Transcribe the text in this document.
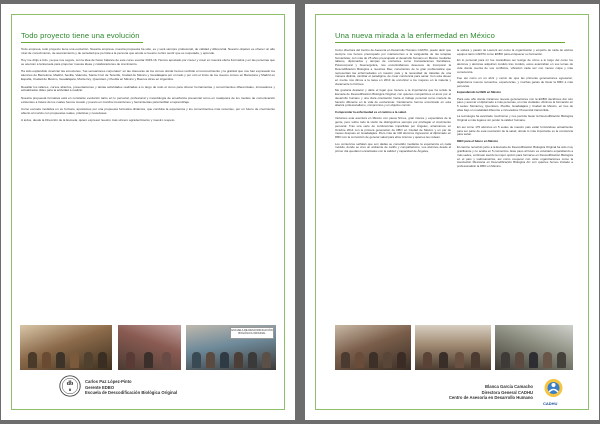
Todo proyecto tiene una evolución

Todo empresa, todo proyecto tiene una evolución. Nuestra empresa, nuestra propuesta ha sido, es y será siempre profesional, de calidad y diferencial. Nuestro objetivo es ofrecer un alto nivel de conocimiento, de acercamiento y de seriedad que permita a la persona que acude a nuestro centro sentir que es respetada, y aprende.

Hoy me dirijo a Uds. ya que nos seguís, con la idea de hacer balance de este curso escolar 2015-16. Hemos apostado por crecer y crear en nuestra oferta Formativa y en las personas que se acercan a la Escuela para proponer nuevas ideas y colaboraciones de crecimiento.

Ha sido espléndido vivenciar las emociones, "las sensaciones corporales" en las clausuras de los cursos donde hemos recibido el reconocimiento y la gratitud que nos han expresado los alumnos de Barcelona, Madrid, Sevilla, Valencia, Santa Cruz de Tenerife, Ciudad de México y Guadalajara por un lado y por otro el inicio de los nuevos cursos en Barcelona y Madrid en España, Ciudad de México, Guadalajara, Monterrey, Querétaro y Puebla en México y Buenos Aires en Argentina.

Resaltar los talleres, cursos abiertos, presentaciones y tantas actividades realizadas a lo largo de todo el curso para ofrecer herramientas y conocimientos diferenciales, innovadores y actualizados útiles para la actividad a realizar.

Nuestra propuesta formativa está en constante evolución tanto en lo personal, profesional y metodología de enseñanza presencial como en cualquiera de los medios de comunicación existentes a través de los cuales hemos creado y puesto en marcha mecanismos y herramientas para facilitar el aprendizaje.

Como escuela modélica en su formato, apostamos por una propuesta formativa dinámica, que combina la experiencia y los conocimientos más recientes, por un futuro de crecimiento abierto al mundo con propuestas reales, prácticas y novedosas.

A todos, desde la Dirección de la Escuela, quiero expresar nuestro más sincero agradecimiento y nuestro respeto.

ESCUELA DE DESCODIFICACIÓN BIOLÓGICA ORIGINAL
db
o
Carlos Paz López-Pinto
Gerente EDBO
Escuela de Descodificación Biológica Original
Una nueva mirada a la enfermedad en México

Como directora del Centro de Asesoría en Desarrollo Humano CADHU, puedo decir que siempre nos hemos preocupado por mantenernos a la vanguardia de las terapias humanistas; con más de 25 años preocupado el desarrollo humano en México mediante talleres, diplomados y tampas de corrientes como Constelaciones Familiares, Psicocorporal y bioenergética, nos encontrábamos deseosos de incorporar la Descodificación Biológica a nuestras filas; conscientes de la gran problemática que representan las enfermedades en nuestro país y la necesidad de tratarlas de una manera distinta, cambiar el paradigma, de crear conciencia para sanar. Con esta deseo en mente nos dimos a la tarea en 2013 de encontrar a los mejores en la materia y claramente lo hicimos.

Me gustaría destacar y darle el lugar que merece a la importancia que ha tenido la Escuela de Descodificación Biológica Original, con quienes compartimos el amor por el desarrollo humano y una clara orientación hacia el trabajo personal como manera de hacerlo diferente en la vida de evolucionar. Ciertamente hemos encontrado en esta alianza profesionalismo, compromiso y un objetivo común.

Comprender la enfermedad es el camino a la salud.

Iniciamos esta aventura en México con pasos firmes, gran interés y expectativa de la gente, pero sobre todo la visión de distinguirnos siempre por privilegiar el crecimiento personal. Tras una serie de conferencias impartidas por Ángeles, arrancamos en Octubre 2014 con la primera generación de DBO en Ciudad de México y un par de meses después en Guadalajara. Poco más de 100 alumnos ingresaron al diplomado en DBO con la convicción de generar salud para ellos mismos y quienes les rodean.

Los comienzos señalan que son dadas se consolidó mediante la experiencia en cada módulo, donde se creó un ambiente de cariño y compañerismo. Los alumnos desde el primer día quedaron encantados con la calidez y capacidad de Ángeles,

la soltura y pasión de Laurent así como la organización y empeño de cada de ambos equipos tanto CADHU como EDBO para enriquecer su formación.

En lo personal para mí fue maravilloso ser testigo de cómo a lo largo del curso los alumnos y alumnas adquirían módulo tras módulo, estos avanzaban en sus temas de vida donde cuenta de sus conflictos, vibración cada vez con menos culpa y más consciencia.

Fue así como en un abrir y cerrar de ojos las primeras generaciones egresaron, dejándonos nuevos recuerdos, experiencias, y muchas ganas de llevar la DBO a más personas.

Expandiendo la DBO en México

Para este año donde iniciamos nuevas generaciones con la EDBO decidimos dar otro paso y acercar el diplomado a más personas, en más ciudades. Abrimos la formación en 5 sedes: Monterrey, Querétaro, Puebla, Guadalajara y Ciudad de México, en tres de ellas bajo un modalidad diferente e innovadora: Presencial transmitida.

La tecnología ha avanzado muchísimo y nos permite llevar la Descodificación Biológica Original a más lugares sin perder la calidez humana.

En así como 170 alumnos en 5 sedes de nuestro país están formándose actualmente para ser parte de esta revolución de la salud, donde lo más importante es la conciencia para sanar.

DBO para el futuro en México

El camino recorrido junto a la Escuela de Descodificación Biológica Original ha sido muy gratificante y no acaba en 5 comienzos. Este paso al futuro es voluntario expandiendo a más sedes, continuar siendo la mejor opción para formarse en Descodificación Biológica en el país y Latinoamérica, así como cooperar con otras organizaciones como la Asociación Mexicana en Descodificación Biológica AC con quienes hemos iniciado a profesionalizar la DBO en México.

Blanca García Camacho
Directora General CADHU
Centro de Asesoría en Desarrollo Humano
CADHU
